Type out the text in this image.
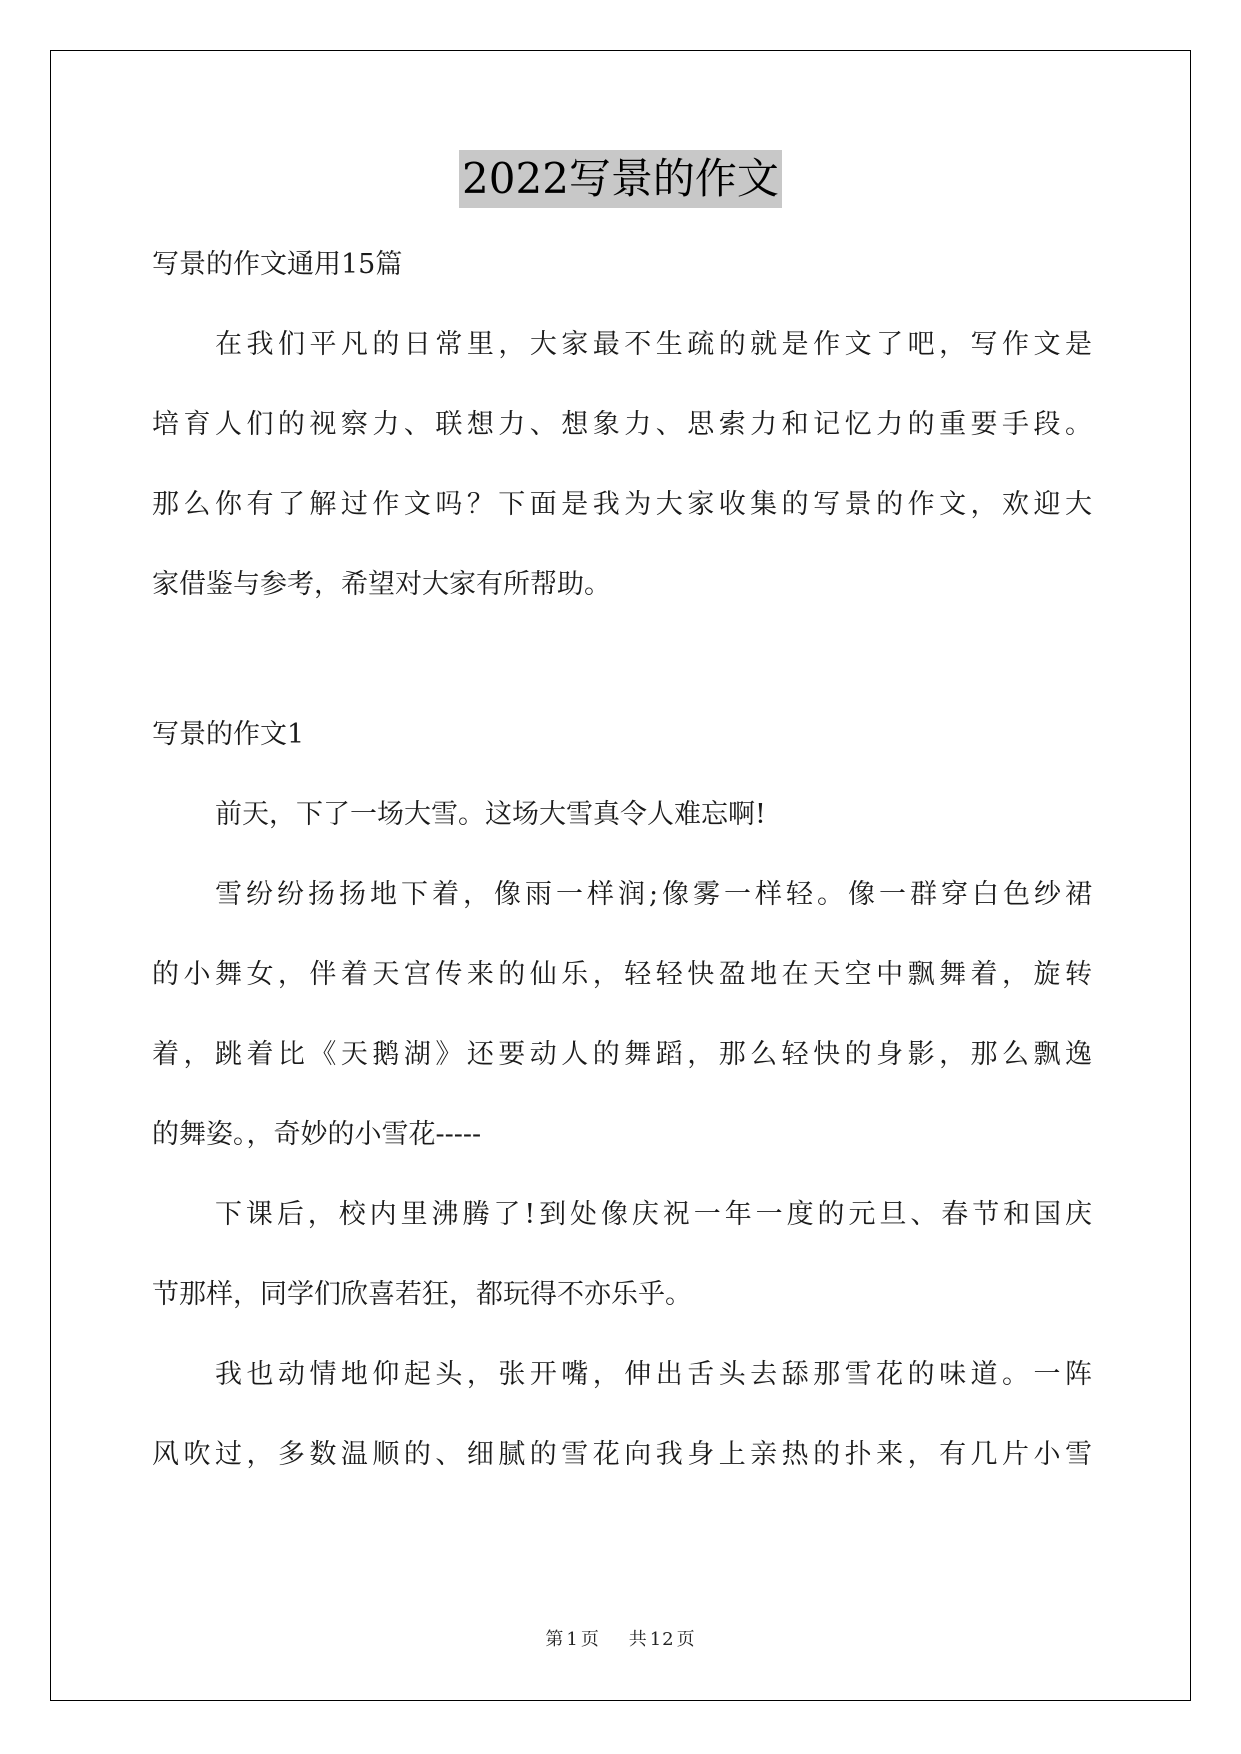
2022写景的作文
写景的作文通用15篇
在我们平凡的日常里，大家最不生疏的就是作文了吧，写作文是
培育人们的视察力、联想力、想象力、思索力和记忆力的重要手段。
那么你有了解过作文吗？下面是我为大家收集的写景的作文，欢迎大
家借鉴与参考，希望对大家有所帮助。
写景的作文1
前天，下了一场大雪。这场大雪真令人难忘啊!
雪纷纷扬扬地下着，像雨一样润;像雾一样轻。像一群穿白色纱裙
的小舞女，伴着天宫传来的仙乐，轻轻快盈地在天空中飘舞着，旋转
着，跳着比《天鹅湖》还要动人的舞蹈，那么轻快的身影，那么飘逸
的舞姿。，奇妙的小雪花-----
下课后，校内里沸腾了!到处像庆祝一年一度的元旦、春节和国庆
节那样，同学们欣喜若狂，都玩得不亦乐乎。
我也动情地仰起头，张开嘴，伸出舌头去舔那雪花的味道。一阵
风吹过，多数温顺的、细腻的雪花向我身上亲热的扑来，有几片小雪
第 1 页 共 12 页
